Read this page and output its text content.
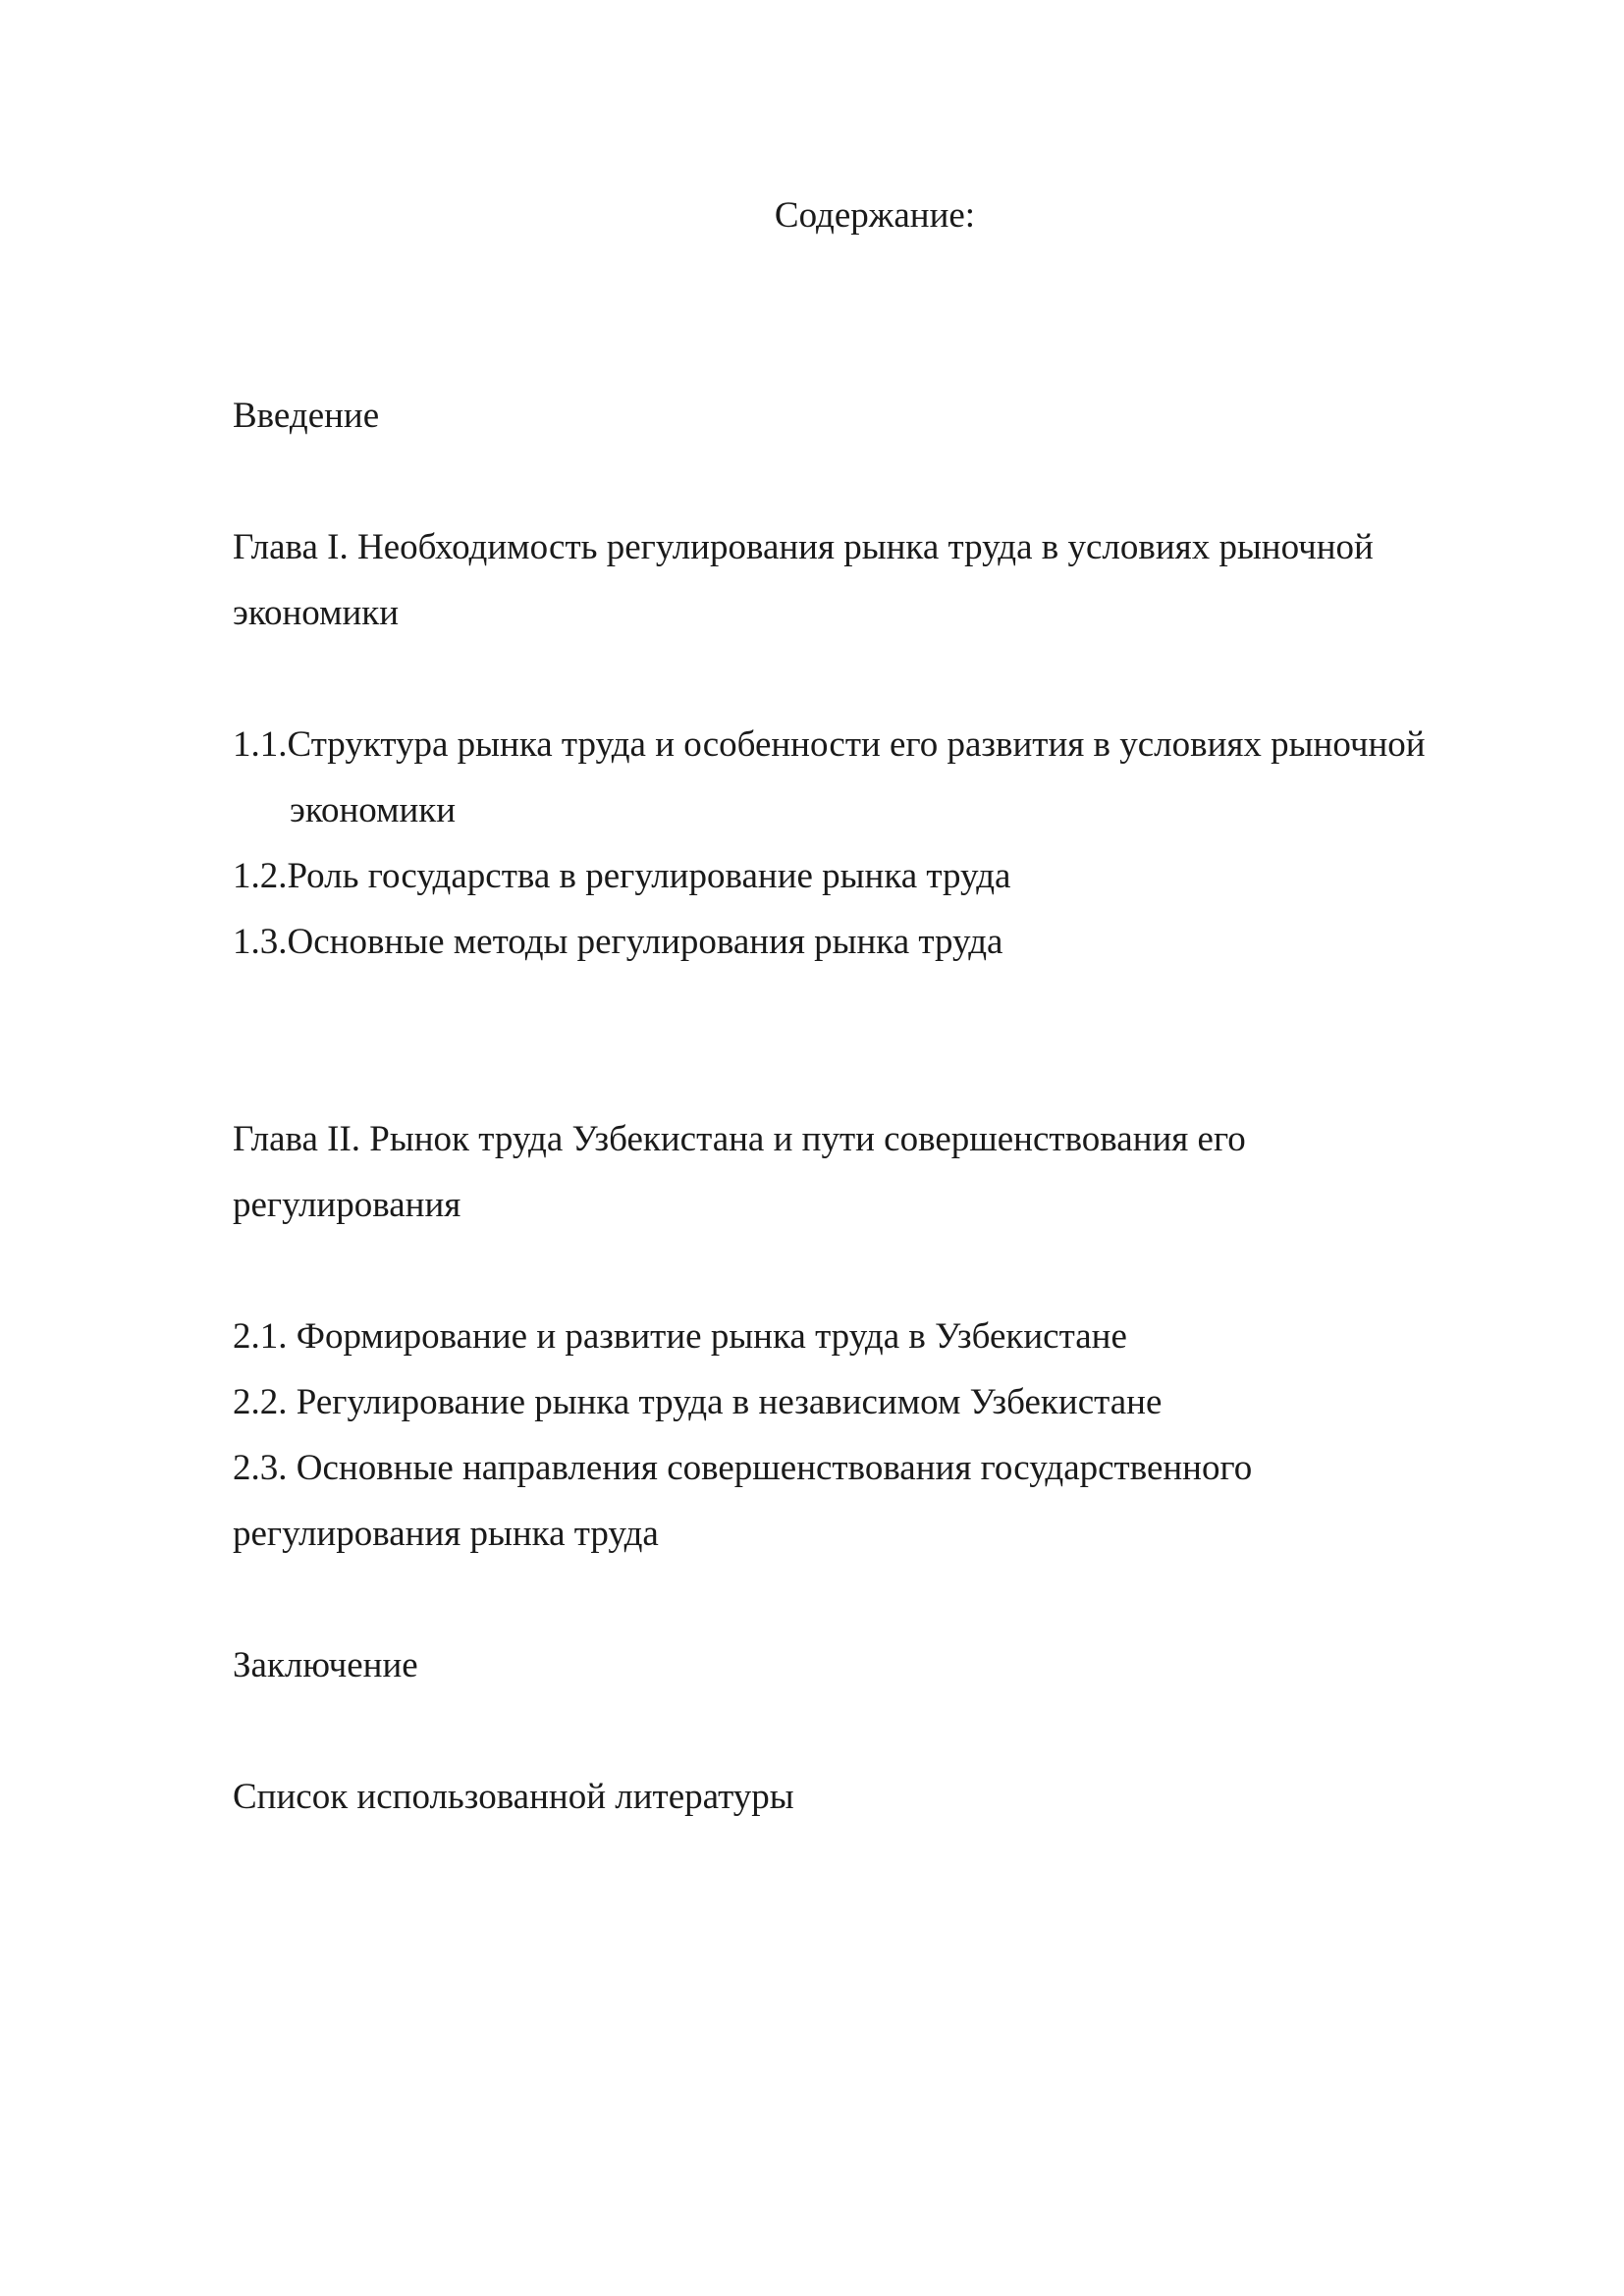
Содержание:

Введение

Глава I. Необходимость регулирования рынка труда в условиях рыночной экономики

1.1.Структура рынка труда и особенности его развития в условиях рыночной экономики

1.2.Роль государства в регулирование рынка труда

1.3.Основные методы регулирования рынка труда

Глава II. Рынок труда Узбекистана и пути совершенствования его регулирования

2.1. Формирование и развитие рынка труда в Узбекистане

2.2. Регулирование рынка труда в независимом Узбекистане

2.3. Основные направления совершенствования государственного регулирования рынка труда

Заключение

Список использованной литературы
